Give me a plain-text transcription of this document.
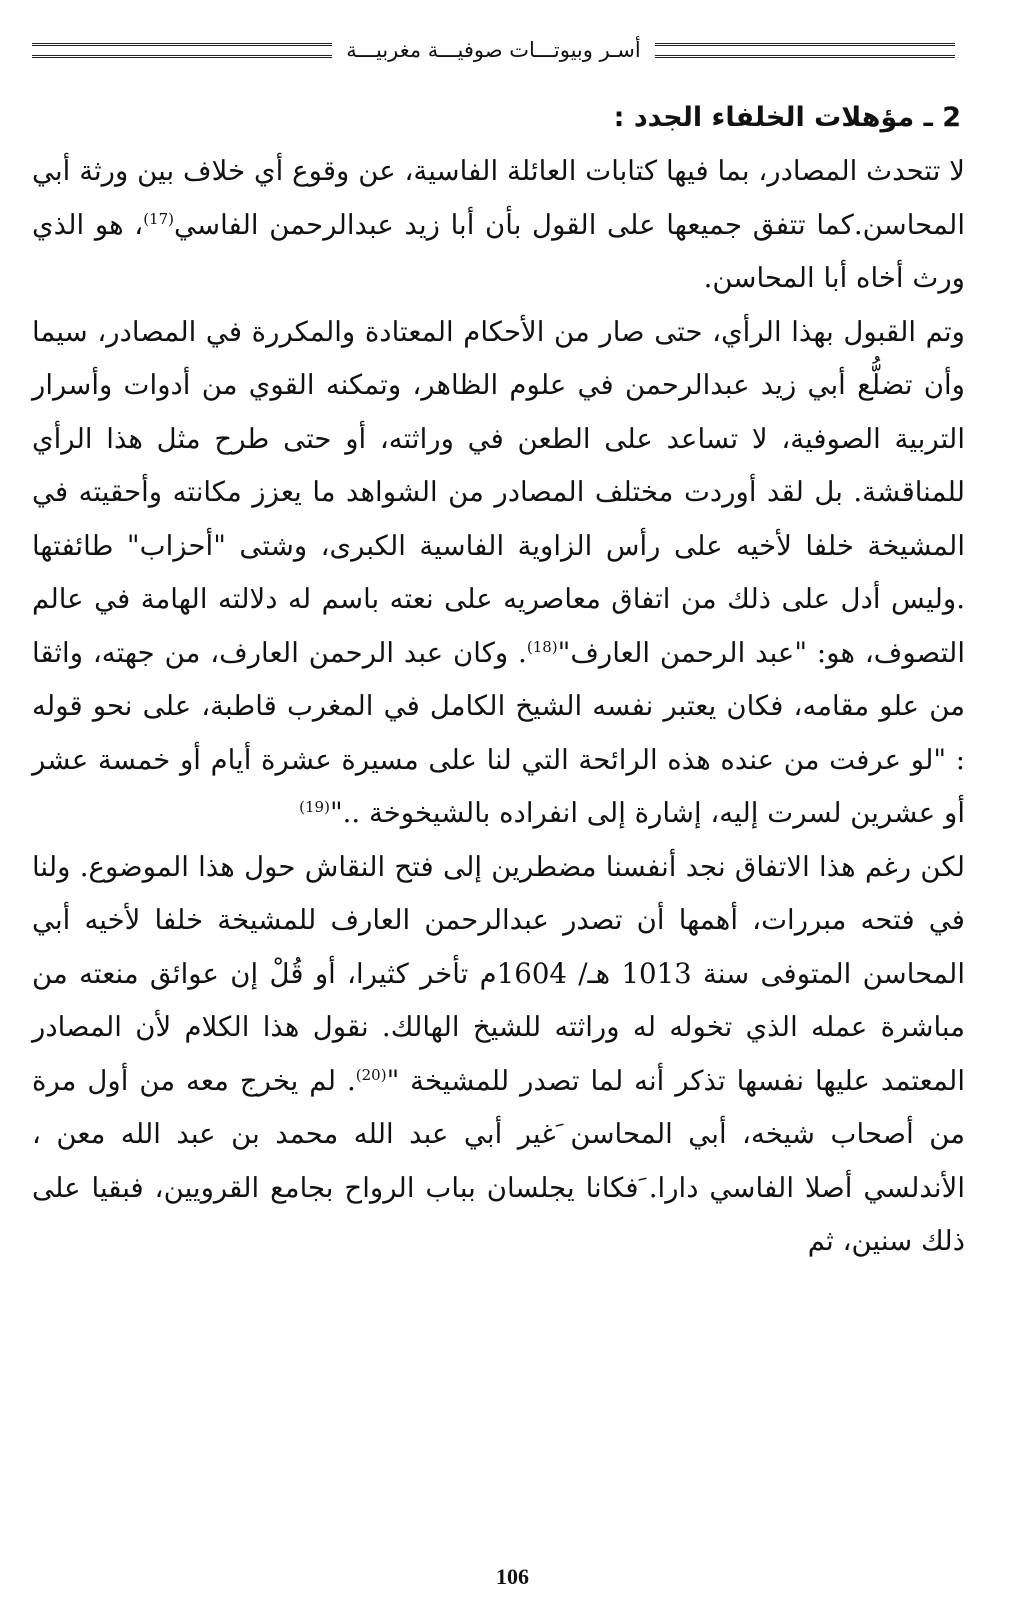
أسـر وبيوتـــات صوفيـــة مغربيـــة
2 ـ مؤهلات الخلفاء الجدد :

لا تتحدث المصادر، بما فيها كتابات العائلة الفاسية، عن وقوع أي خلاف بين ورثة أبي المحاسن.كما تتفق جميعها على القول بأن أبا زيد عبدالرحمن الفاسي$^{(17)}$، هو الذي ورث أخاه أبا المحاسن.

وتم القبول بهذا الرأي، حتى صار من الأحكام المعتادة والمكررة في المصادر، سيما وأن تضلُّع أبي زيد عبدالرحمن في علوم الظاهر، وتمكنه القوي من أدوات وأسرار التربية الصوفية، لا تساعد على الطعن في وراثته، أو حتى طرح مثل هذا الرأي للمناقشة. بل لقد أوردت مختلف المصادر من الشواهد ما يعزز مكانته وأحقيته في المشيخة خلفا لأخيه على رأس الزاوية الفاسية الكبرى، وشتى "أحزاب" طائفتها .وليس أدل على ذلك من اتفاق معاصريه على نعته باسم له دلالته الهامة في عالم التصوف، هو: "عبد الرحمن العارف"$^{(18)}$. وكان عبد الرحمن العارف، من جهته، واثقا من علو مقامه، فكان يعتبر نفسه الشيخ الكامل في المغرب قاطبة، على نحو قوله : "لو عرفت من عنده هذه الرائحة التي لنا على مسيرة عشرة أيام أو خمسة عشر أو عشرين لسرت إليه، إشارة إلى انفراده بالشيخوخة .."$^{(19)}$

لكن رغم هذا الاتفاق نجد أنفسنا مضطرين إلى فتح النقاش حول هذا الموضوع. ولنا في فتحه مبررات، أهمها أن تصدر عبدالرحمن العارف للمشيخة خلفا لأخيه أبي المحاسن المتوفى سنة 1013 هـ/ 1604م تأخر كثيرا، أو قُلْ إن عوائق منعته من مباشرة عمله الذي تخوله له وراثته للشيخ الهالك. نقول هذا الكلام لأن المصادر المعتمد عليها نفسها تذكر أنه لما تصدر للمشيخة "$^{(20)}$. لم يخرج معه من أول مرة من أصحاب شيخه، أبي المحاسن َغير أبي عبد الله محمد بن عبد الله معن ، الأندلسي أصلا الفاسي دارا. َفكانا يجلسان بباب الرواح بجامع القرويين، فبقيا على ذلك سنين، ثم

106
